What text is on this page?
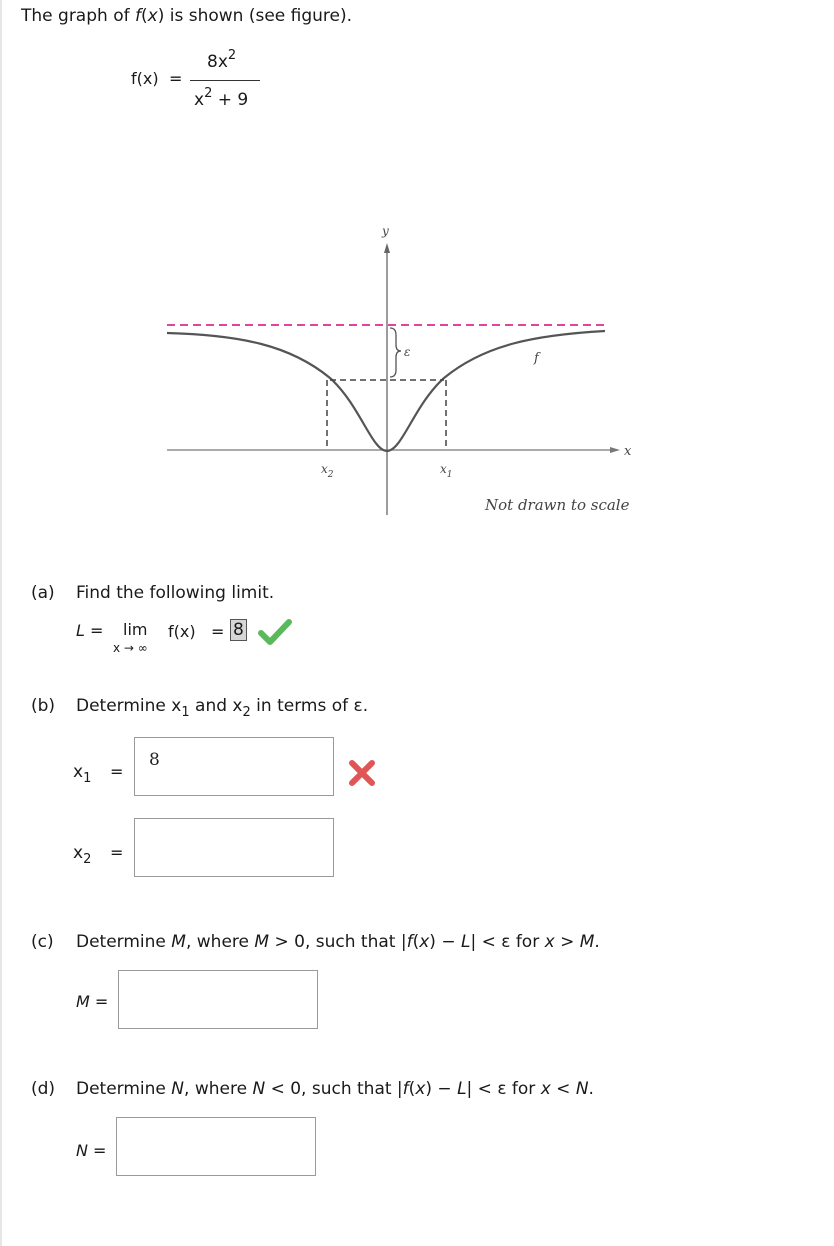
The graph of f(x) is shown (see figure).
f(x) =
$8x^2$
$x^2 + 9$
y
x
ε	f
$x_2$	$x_1$
Not drawn to scale
(a) Find the following limit.
L = lim
x → ∞
f(x) = 8
(b) Determine $x_1$ and $x_2$ in terms of ε.
$x_1$ =
8
$x_2$ =
(c) Determine M, where M > 0, such that |f(x) − L| < ε for x > M.
M =
(d) Determine N, where N < 0, such that |f(x) − L| < ε for x < N.
N =
